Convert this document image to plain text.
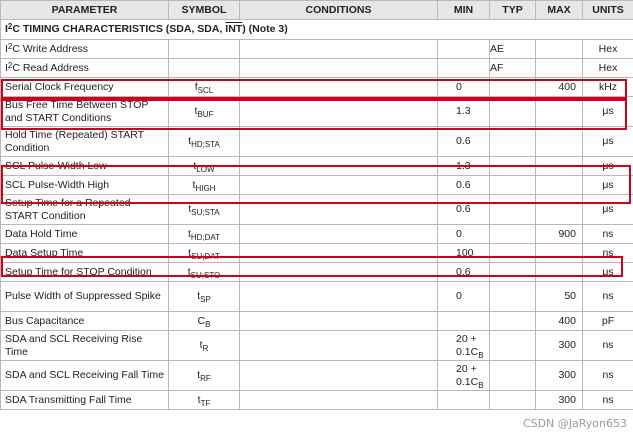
PARAMETER	SYMBOL	CONDITIONS	MIN	TYP	MAX	UNITS
$I^2C$ TIMING CHARACTERISTICS (SDA, SDA, $\overline{INT}$) (Note 3)						
$I^2C$ Write Address				AE		Hex
$I^2C$ Read Address				AF		Hex
Serial Clock Frequency	$f_{SCL}$		0		400	kHz
Bus Free Time Between STOP and START Conditions	$t_{BUF}$		1.3			μs
Hold Time (Repeated) START Condition	$t_{HD;STA}$		0.6			μs
SCL Pulse-Width Low	$t_{LOW}$		1.3			μs
SCL Pulse-Width High	$t_{HIGH}$		0.6			μs
Setup Time for a Repeated START Condition	$t_{SU;STA}$		0.6			μs
Data Hold Time	$t_{HD;DAT}$		0		900	ns
Data Setup Time	$t_{SU;DAT}$		100			ns
Setup Time for STOP Condition	$t_{SU;STO}$		0.6			μs
Pulse Width of Suppressed Spike	$t_{SP}$		0		50	ns
Bus Capacitance	$C_B$				400	pF
SDA and SCL Receiving Rise Time	$t_R$		$20 + 0.1C_B$		300	ns
SDA and SCL Receiving Fall Time	$t_{RF}$		$20 + 0.1C_B$		300	ns
SDA Transmitting Fall Time	$t_{TF}$				300	ns
CSDN @JaRyon653
